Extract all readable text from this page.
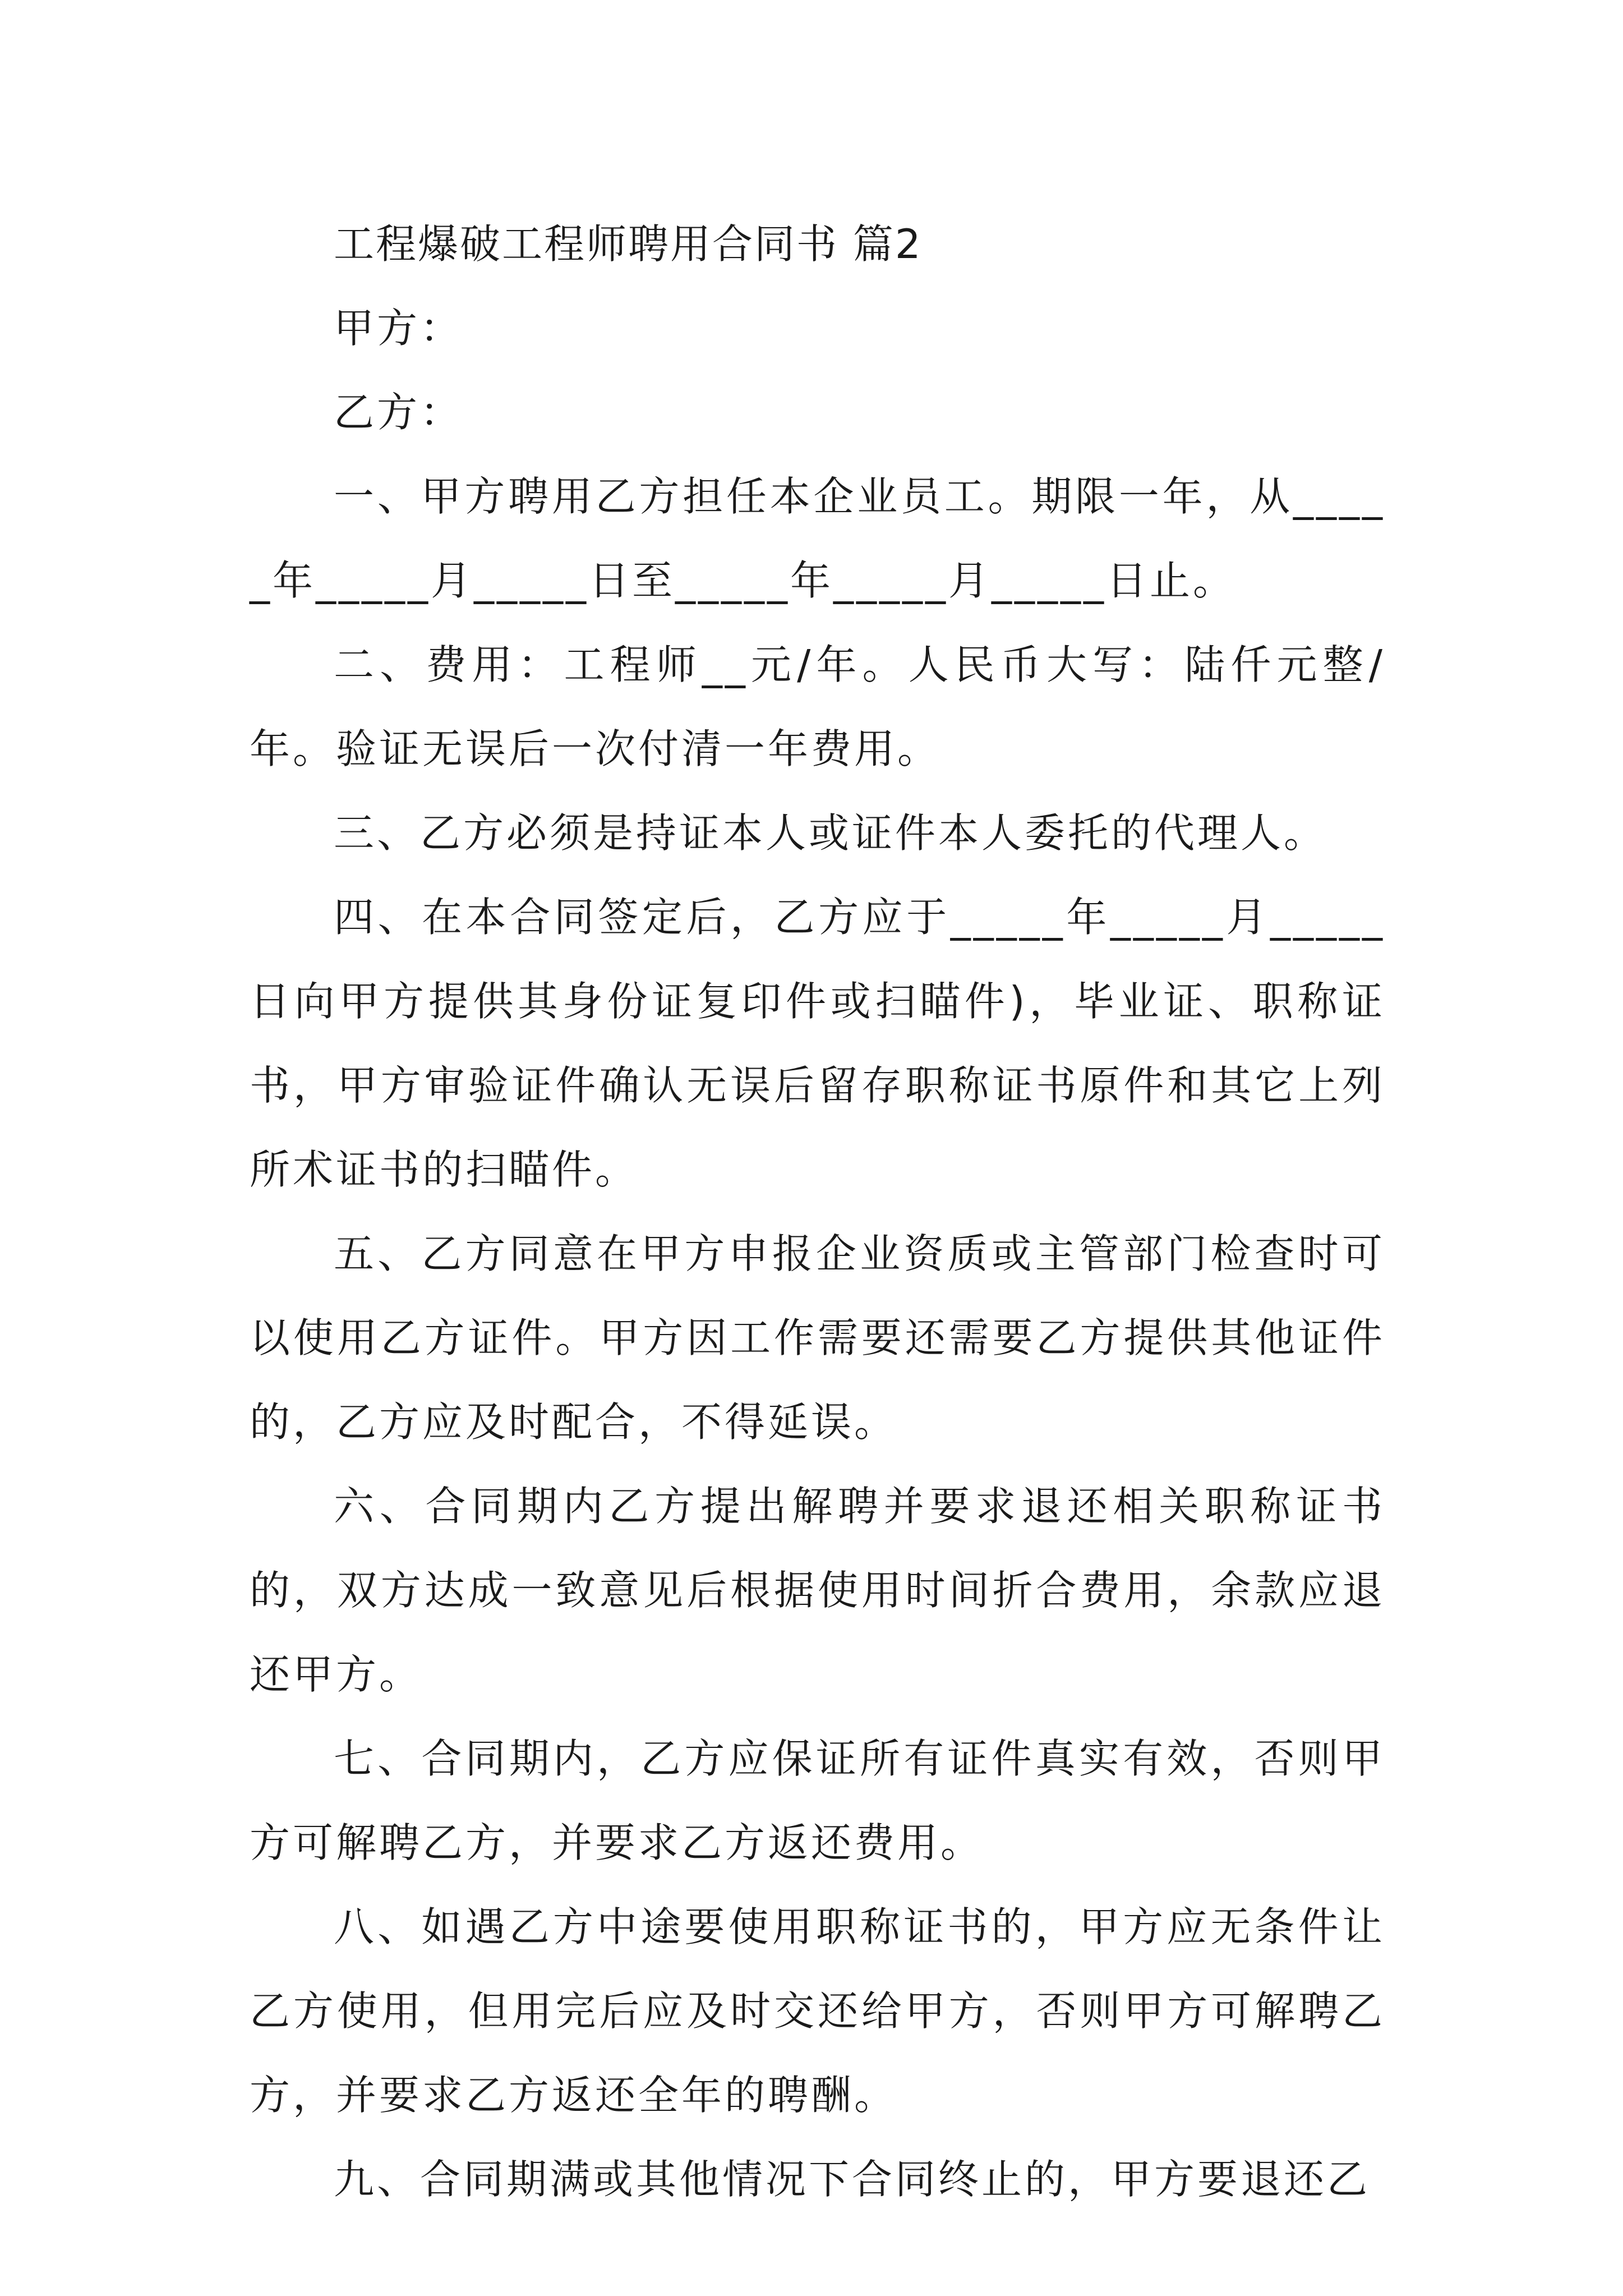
工程爆破工程师聘用合同书 篇2

甲方：

乙方：

一、甲方聘用乙方担任本企业员工。期限一年，从_____年_____月_____日至_____年_____月_____日止。

二、费用：工程师__元/年。人民币大写：陆仟元整/年。验证无误后一次付清一年费用。

三、乙方必须是持证本人或证件本人委托的代理人。

四、在本合同签定后，乙方应于_____年_____月_____日向甲方提供其身份证复印件或扫瞄件)，毕业证、职称证书，甲方审验证件确认无误后留存职称证书原件和其它上列所术证书的扫瞄件。

五、乙方同意在甲方申报企业资质或主管部门检查时可以使用乙方证件。甲方因工作需要还需要乙方提供其他证件的，乙方应及时配合，不得延误。

六、合同期内乙方提出解聘并要求退还相关职称证书的，双方达成一致意见后根据使用时间折合费用，余款应退还甲方。

七、合同期内，乙方应保证所有证件真实有效，否则甲方可解聘乙方，并要求乙方返还费用。

八、如遇乙方中途要使用职称证书的，甲方应无条件让乙方使用，但用完后应及时交还给甲方，否则甲方可解聘乙方，并要求乙方返还全年的聘酬。

九、合同期满或其他情况下合同终止的，甲方要退还乙
